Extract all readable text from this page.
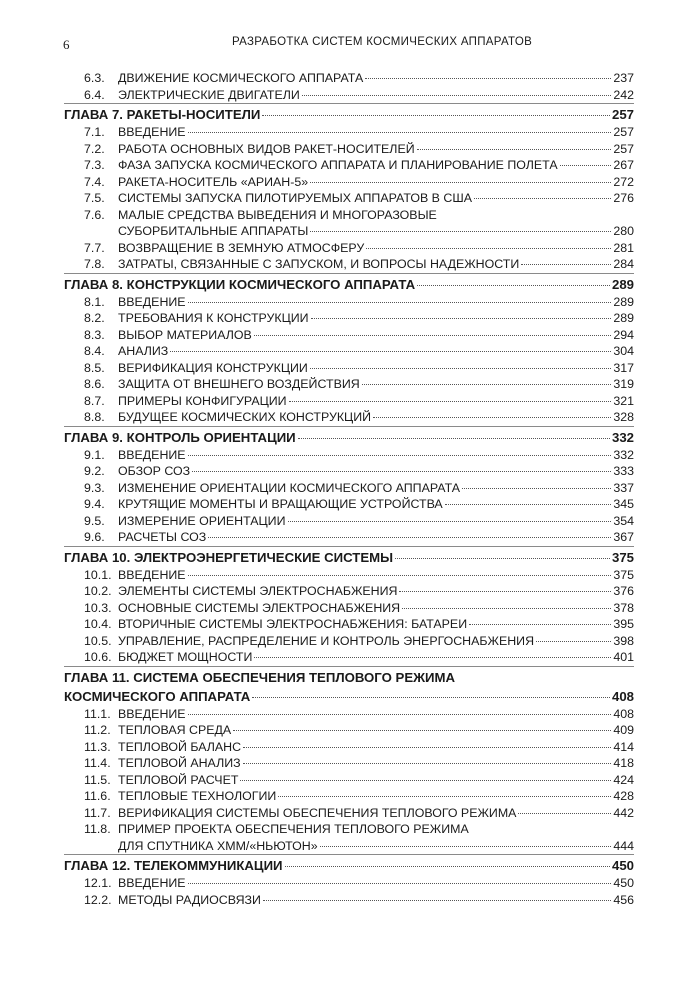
6	РАЗРАБОТКА СИСТЕМ КОСМИЧЕСКИХ АППАРАТОВ
6.3.	ДВИЖЕНИЕ КОСМИЧЕСКОГО АППАРАТА	237
6.4.	ЭЛЕКТРИЧЕСКИЕ ДВИГАТЕЛИ	242
ГЛАВА 7. РАКЕТЫ-НОСИТЕЛИ	257
7.1.	ВВЕДЕНИЕ	257
7.2.	РАБОТА ОСНОВНЫХ ВИДОВ РАКЕТ-НОСИТЕЛЕЙ	257
7.3.	ФАЗА ЗАПУСКА КОСМИЧЕСКОГО АППАРАТА И ПЛАНИРОВАНИЕ ПОЛЕТА	267
7.4.	РАКЕТА-НОСИТЕЛЬ «АРИАН-5»	272
7.5.	СИСТЕМЫ ЗАПУСКА ПИЛОТИРУЕМЫХ АППАРАТОВ В США	276
7.6.	МАЛЫЕ СРЕДСТВА ВЫВЕДЕНИЯ И МНОГОРАЗОВЫЕ
СУБОРБИТАЛЬНЫЕ АППАРАТЫ	280
7.7.	ВОЗВРАЩЕНИЕ В ЗЕМНУЮ АТМОСФЕРУ	281
7.8.	ЗАТРАТЫ, СВЯЗАННЫЕ С ЗАПУСКОМ, И ВОПРОСЫ НАДЕЖНОСТИ	284
ГЛАВА 8. КОНСТРУКЦИИ КОСМИЧЕСКОГО АППАРАТА	289
8.1.	ВВЕДЕНИЕ	289
8.2.	ТРЕБОВАНИЯ К КОНСТРУКЦИИ	289
8.3.	ВЫБОР МАТЕРИАЛОВ	294
8.4.	АНАЛИЗ	304
8.5.	ВЕРИФИКАЦИЯ КОНСТРУКЦИИ	317
8.6.	ЗАЩИТА ОТ ВНЕШНЕГО ВОЗДЕЙСТВИЯ	319
8.7.	ПРИМЕРЫ КОНФИГУРАЦИИ	321
8.8.	БУДУЩЕЕ КОСМИЧЕСКИХ КОНСТРУКЦИЙ	328
ГЛАВА 9. КОНТРОЛЬ ОРИЕНТАЦИИ	332
9.1.	ВВЕДЕНИЕ	332
9.2.	ОБЗОР СОЗ	333
9.3.	ИЗМЕНЕНИЕ ОРИЕНТАЦИИ КОСМИЧЕСКОГО АППАРАТА	337
9.4.	КРУТЯЩИЕ МОМЕНТЫ И ВРАЩАЮЩИЕ УСТРОЙСТВА	345
9.5.	ИЗМЕРЕНИЕ ОРИЕНТАЦИИ	354
9.6.	РАСЧЕТЫ СОЗ	367
ГЛАВА 10. ЭЛЕКТРОЭНЕРГЕТИЧЕСКИЕ СИСТЕМЫ	375
10.1. ВВЕДЕНИЕ	375
10.2. ЭЛЕМЕНТЫ СИСТЕМЫ ЭЛЕКТРОСНАБЖЕНИЯ	376
10.3. ОСНОВНЫЕ СИСТЕМЫ ЭЛЕКТРОСНАБЖЕНИЯ	378
10.4. ВТОРИЧНЫЕ СИСТЕМЫ ЭЛЕКТРОСНАБЖЕНИЯ: БАТАРЕИ	395
10.5. УПРАВЛЕНИЕ, РАСПРЕДЕЛЕНИЕ И КОНТРОЛЬ ЭНЕРГОСНАБЖЕНИЯ	398
10.6. БЮДЖЕТ МОЩНОСТИ	401
ГЛАВА 11. СИСТЕМА ОБЕСПЕЧЕНИЯ ТЕПЛОВОГО РЕЖИМА
КОСМИЧЕСКОГО АППАРАТА	408
11.1. ВВЕДЕНИЕ	408
11.2. ТЕПЛОВАЯ СРЕДА	409
11.3. ТЕПЛОВОЙ БАЛАНС	414
11.4. ТЕПЛОВОЙ АНАЛИЗ	418
11.5. ТЕПЛОВОЙ РАСЧЕТ	424
11.6. ТЕПЛОВЫЕ ТЕХНОЛОГИИ	428
11.7. ВЕРИФИКАЦИЯ СИСТЕМЫ ОБЕСПЕЧЕНИЯ ТЕПЛОВОГО РЕЖИМА	442
11.8. ПРИМЕР ПРОЕКТА ОБЕСПЕЧЕНИЯ ТЕПЛОВОГО РЕЖИМА
ДЛЯ СПУТНИКА XMM/«НЬЮТОН»	444
ГЛАВА 12. ТЕЛЕКОММУНИКАЦИИ	450
12.1. ВВЕДЕНИЕ	450
12.2. МЕТОДЫ РАДИОСВЯЗИ	456
